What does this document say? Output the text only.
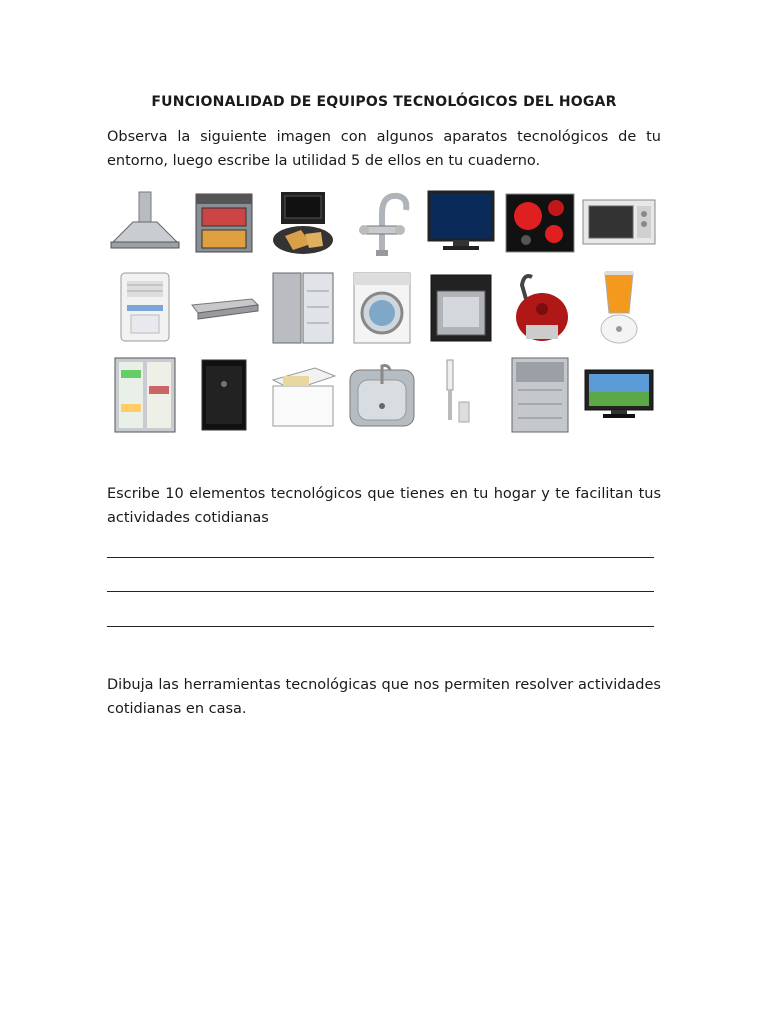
FUNCIONALIDAD DE EQUIPOS TECNOLÓGICOS DEL HOGAR
Observa la siguiente imagen con algunos aparatos tecnológicos de tu entorno, luego escribe la utilidad 5 de ellos en tu cuaderno.
Escribe 10 elementos tecnológicos que tienes en tu hogar y te facilitan tus actividades cotidianas
Dibuja las herramientas tecnológicas que nos permiten resolver actividades cotidianas en casa.
